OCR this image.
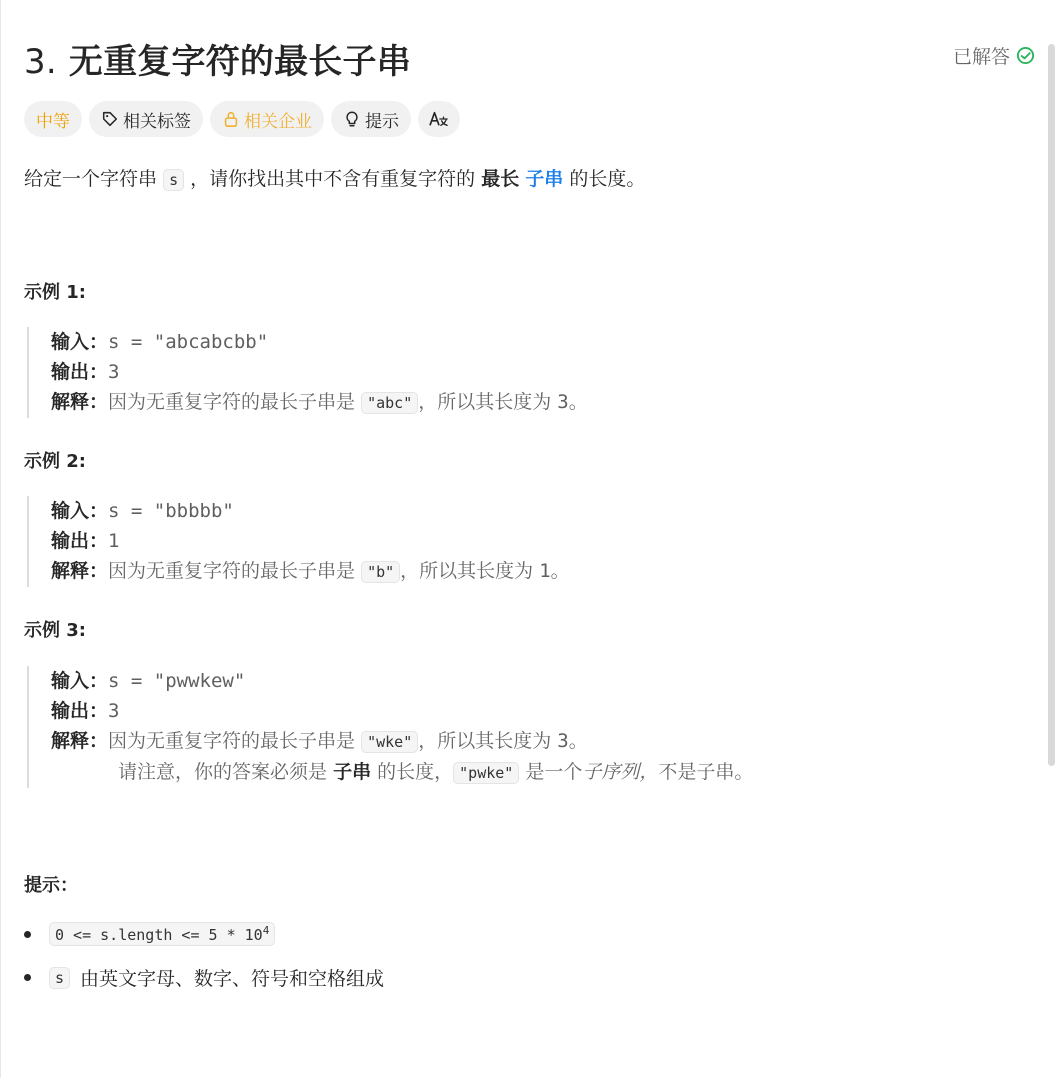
3. 无重复字符的最长子串	已解答
中等	相关标签	相关企业	提示
给定一个字符串 s ，请你找出其中不含有重复字符的 最长 子串 的长度。
示例 1:
输入：s = "abcabcbb"
输出：3
解释：因为无重复字符的最长子串是 "abc" ，所以其长度为 3。
示例 2:
输入：s = "bbbbb"
输出：1
解释：因为无重复字符的最长子串是 "b" ，所以其长度为 1。
示例 3:
输入：s = "pwwkew"
输出：3
解释：因为无重复字符的最长子串是 "wke" ，所以其长度为 3。
请注意，你的答案必须是 子串 的长度， "pwke" 是一个子序列，不是子串。
提示：
0 <= s.length <= $5 * 10^4$
s 由英文字母、数字、符号和空格组成
